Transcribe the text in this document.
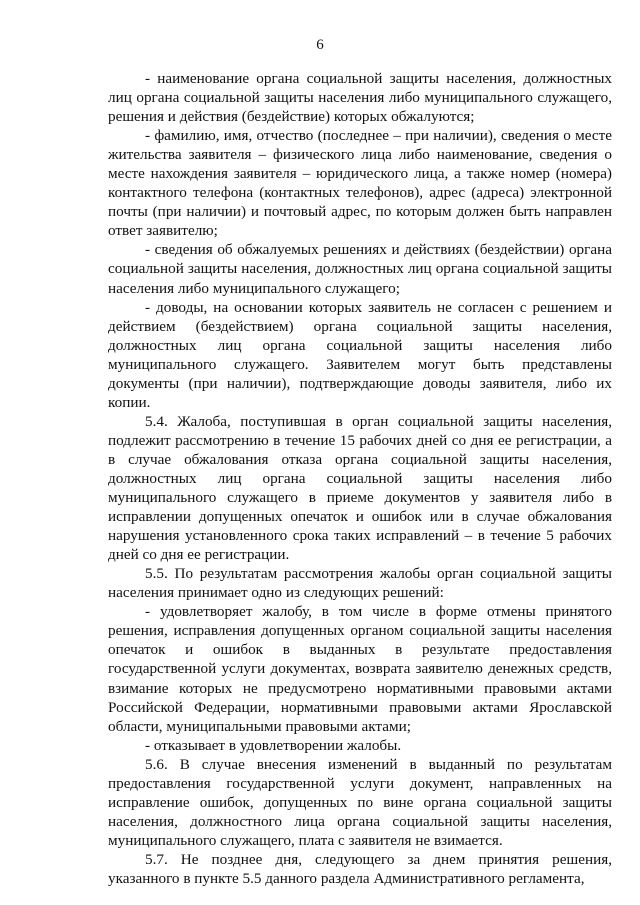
6

- наименование органа социальной защиты населения, должностных лиц органа социальной защиты населения либо муниципального служащего, решения и действия (бездействие) которых обжалуются;

- фамилию, имя, отчество (последнее – при наличии), сведения о месте жительства заявителя – физического лица либо наименование, сведения о месте нахождения заявителя – юридического лица, а также номер (номера) контактного телефона (контактных телефонов), адрес (адреса) электронной почты (при наличии) и почтовый адрес, по которым должен быть направлен ответ заявителю;

- сведения об обжалуемых решениях и действиях (бездействии) органа социальной защиты населения, должностных лиц органа социальной защиты населения либо муниципального служащего;

- доводы, на основании которых заявитель не согласен с решением и действием (бездействием) органа социальной защиты населения, должностных лиц органа социальной защиты населения либо муниципального служащего. Заявителем могут быть представлены документы (при наличии), подтверждающие доводы заявителя, либо их копии.

5.4. Жалоба, поступившая в орган социальной защиты населения, подлежит рассмотрению в течение 15 рабочих дней со дня ее регистрации, а в случае обжалования отказа органа социальной защиты населения, должностных лиц органа социальной защиты населения либо муниципального служащего в приеме документов у заявителя либо в исправлении допущенных опечаток и ошибок или в случае обжалования нарушения установленного срока таких исправлений – в течение 5 рабочих дней со дня ее регистрации.

5.5. По результатам рассмотрения жалобы орган социальной защиты населения принимает одно из следующих решений:

- удовлетворяет жалобу, в том числе в форме отмены принятого решения, исправления допущенных органом социальной защиты населения опечаток и ошибок в выданных в результате предоставления государственной услуги документах, возврата заявителю денежных средств, взимание которых не предусмотрено нормативными правовыми актами Российской Федерации, нормативными правовыми актами Ярославской области, муниципальными правовыми актами;

- отказывает в удовлетворении жалобы.

5.6. В случае внесения изменений в выданный по результатам предоставления государственной услуги документ, направленных на исправление ошибок, допущенных по вине органа социальной защиты населения, должностного лица органа социальной защиты населения, муниципального служащего, плата с заявителя не взимается.

5.7. Не позднее дня, следующего за днем принятия решения, указанного в пункте 5.5 данного раздела Административного регламента,
